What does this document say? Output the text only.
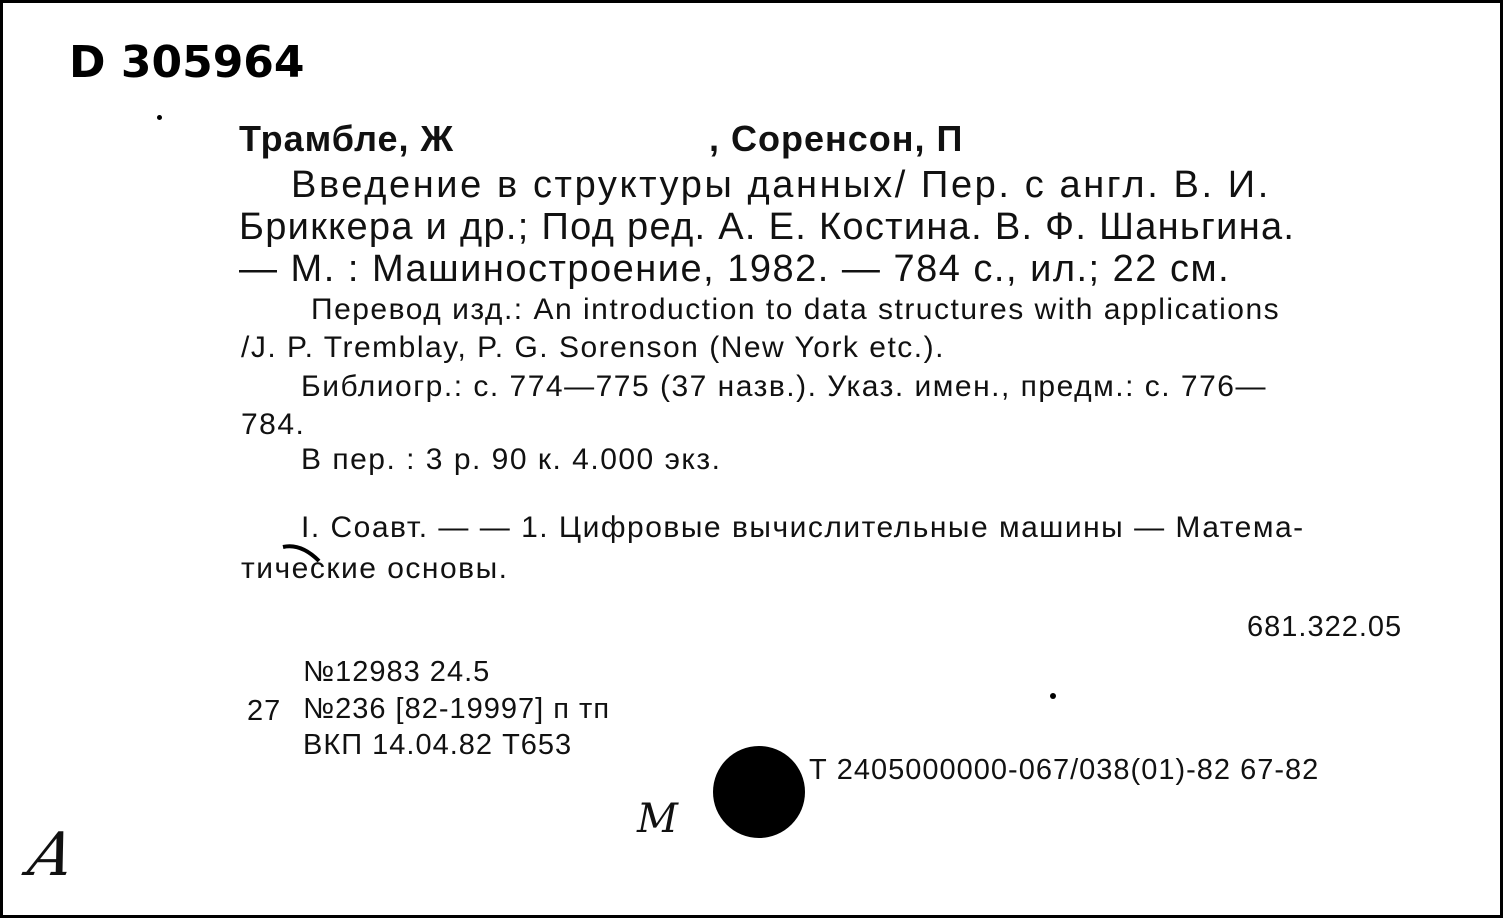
D 305964
Трамбле, Ж	, Соренсон, П
Введение в структуры данных/ Пер. с англ. В. И.
Бриккера и др.; Под ред. А. Е. Костина. В. Ф. Шаньгина.
— М. : Машиностроение, 1982. — 784 с., ил.; 22 см.
Перевод изд.: An introduction to data structures with applications
/J. P. Tremblay, P. G. Sorenson (New York etc.).
Библиогр.: с. 774—775 (37 назв.). Указ. имен., предм.: с. 776—
784.
В пер. : 3 р. 90 к. 4.000 экз.
I. Соавт. — — 1. Цифровые вычислительные машины — Матема-
тические основы.
681.322.05
№12983 24.5
27 №236 [82-19997] п тп
ВКП 14.04.82 Т653
Т 2405000000-067/038(01)-82 67-82
М
А
